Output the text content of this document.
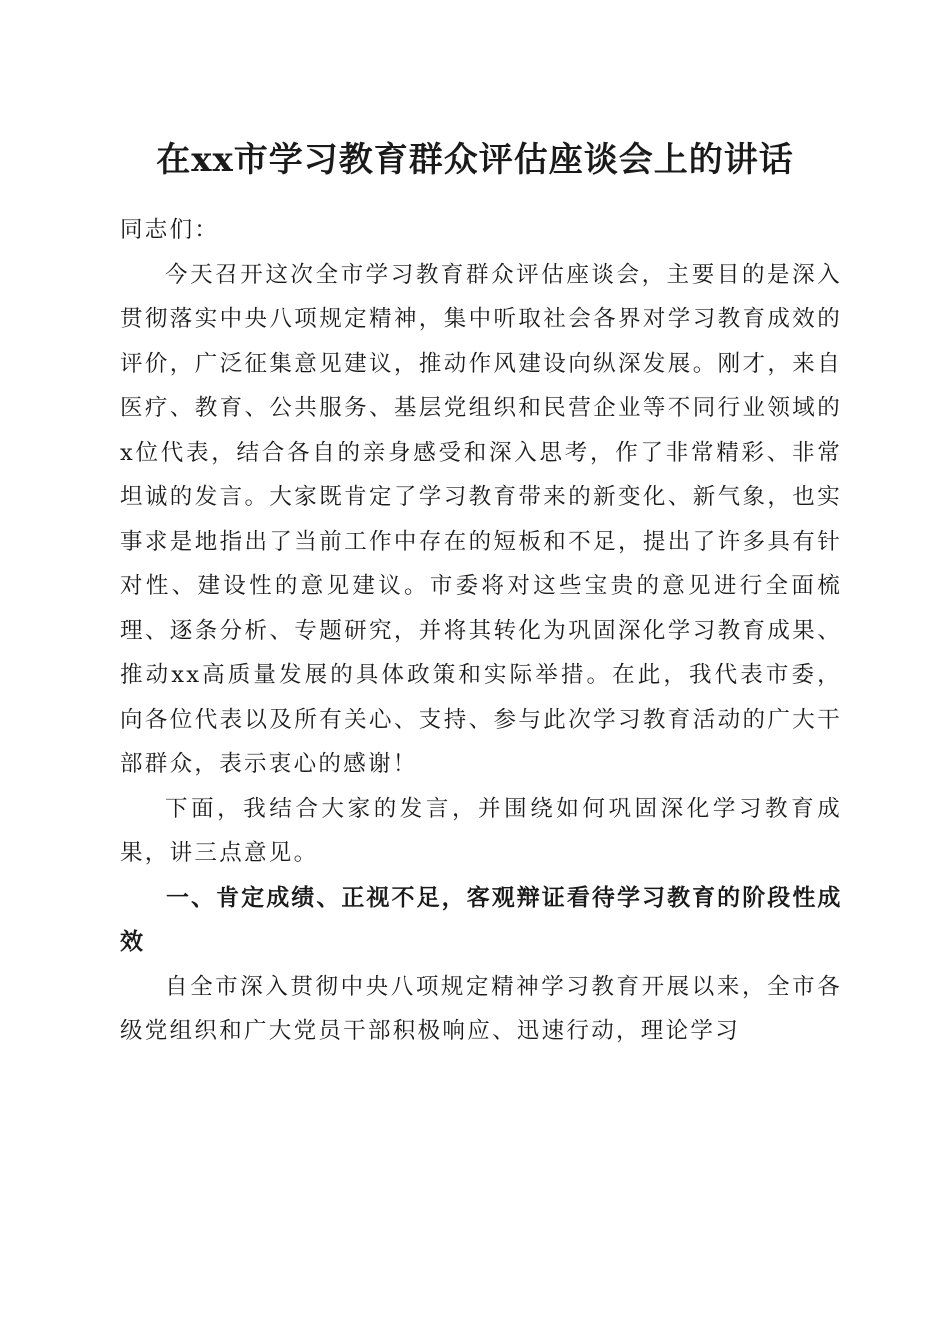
在xx市学习教育群众评估座谈会上的讲话

同志们：

今天召开这次全市学习教育群众评估座谈会，主要目的是深入贯彻落实中央八项规定精神，集中听取社会各界对学习教育成效的评价，广泛征集意见建议，推动作风建设向纵深发展。刚才，来自医疗、教育、公共服务、基层党组织和民营企业等不同行业领域的x位代表，结合各自的亲身感受和深入思考，作了非常精彩、非常坦诚的发言。大家既肯定了学习教育带来的新变化、新气象，也实事求是地指出了当前工作中存在的短板和不足，提出了许多具有针对性、建设性的意见建议。市委将对这些宝贵的意见进行全面梳理、逐条分析、专题研究，并将其转化为巩固深化学习教育成果、推动xx高质量发展的具体政策和实际举措。在此，我代表市委，向各位代表以及所有关心、支持、参与此次学习教育活动的广大干部群众，表示衷心的感谢！

下面，我结合大家的发言，并围绕如何巩固深化学习教育成果，讲三点意见。

一、肯定成绩、正视不足，客观辩证看待学习教育的阶段性成效

自全市深入贯彻中央八项规定精神学习教育开展以来，全市各级党组织和广大党员干部积极响应、迅速行动，理论学习
